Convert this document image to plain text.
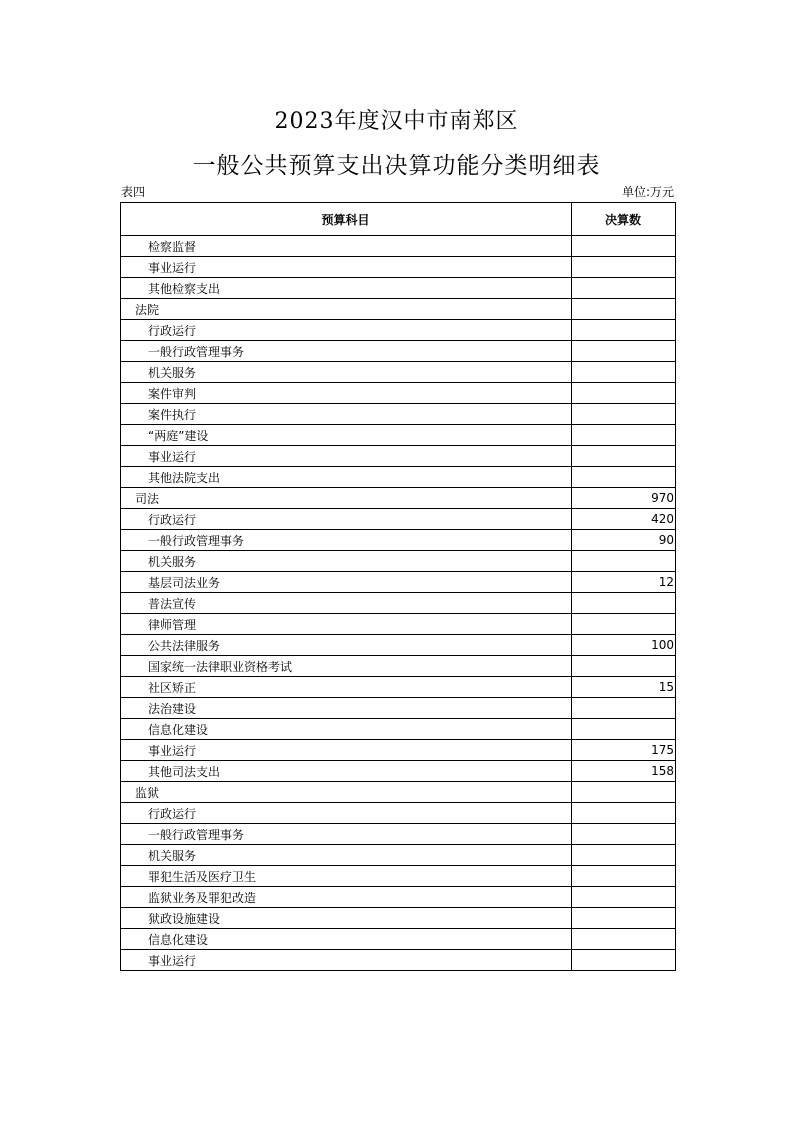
2023年度汉中市南郑区
一般公共预算支出决算功能分类明细表
表四	单位:万元
预算科目	决算数
检察监督	
事业运行	
其他检察支出	
法院	
行政运行	
一般行政管理事务	
机关服务	
案件审判	
案件执行	
“两庭”建设	
事业运行	
其他法院支出	
司法	970
行政运行	420
一般行政管理事务	90
机关服务	
基层司法业务	12
普法宣传	
律师管理	
公共法律服务	100
国家统一法律职业资格考试	
社区矫正	15
法治建设	
信息化建设	
事业运行	175
其他司法支出	158
监狱	
行政运行	
一般行政管理事务	
机关服务	
罪犯生活及医疗卫生	
监狱业务及罪犯改造	
狱政设施建设	
信息化建设	
事业运行	
